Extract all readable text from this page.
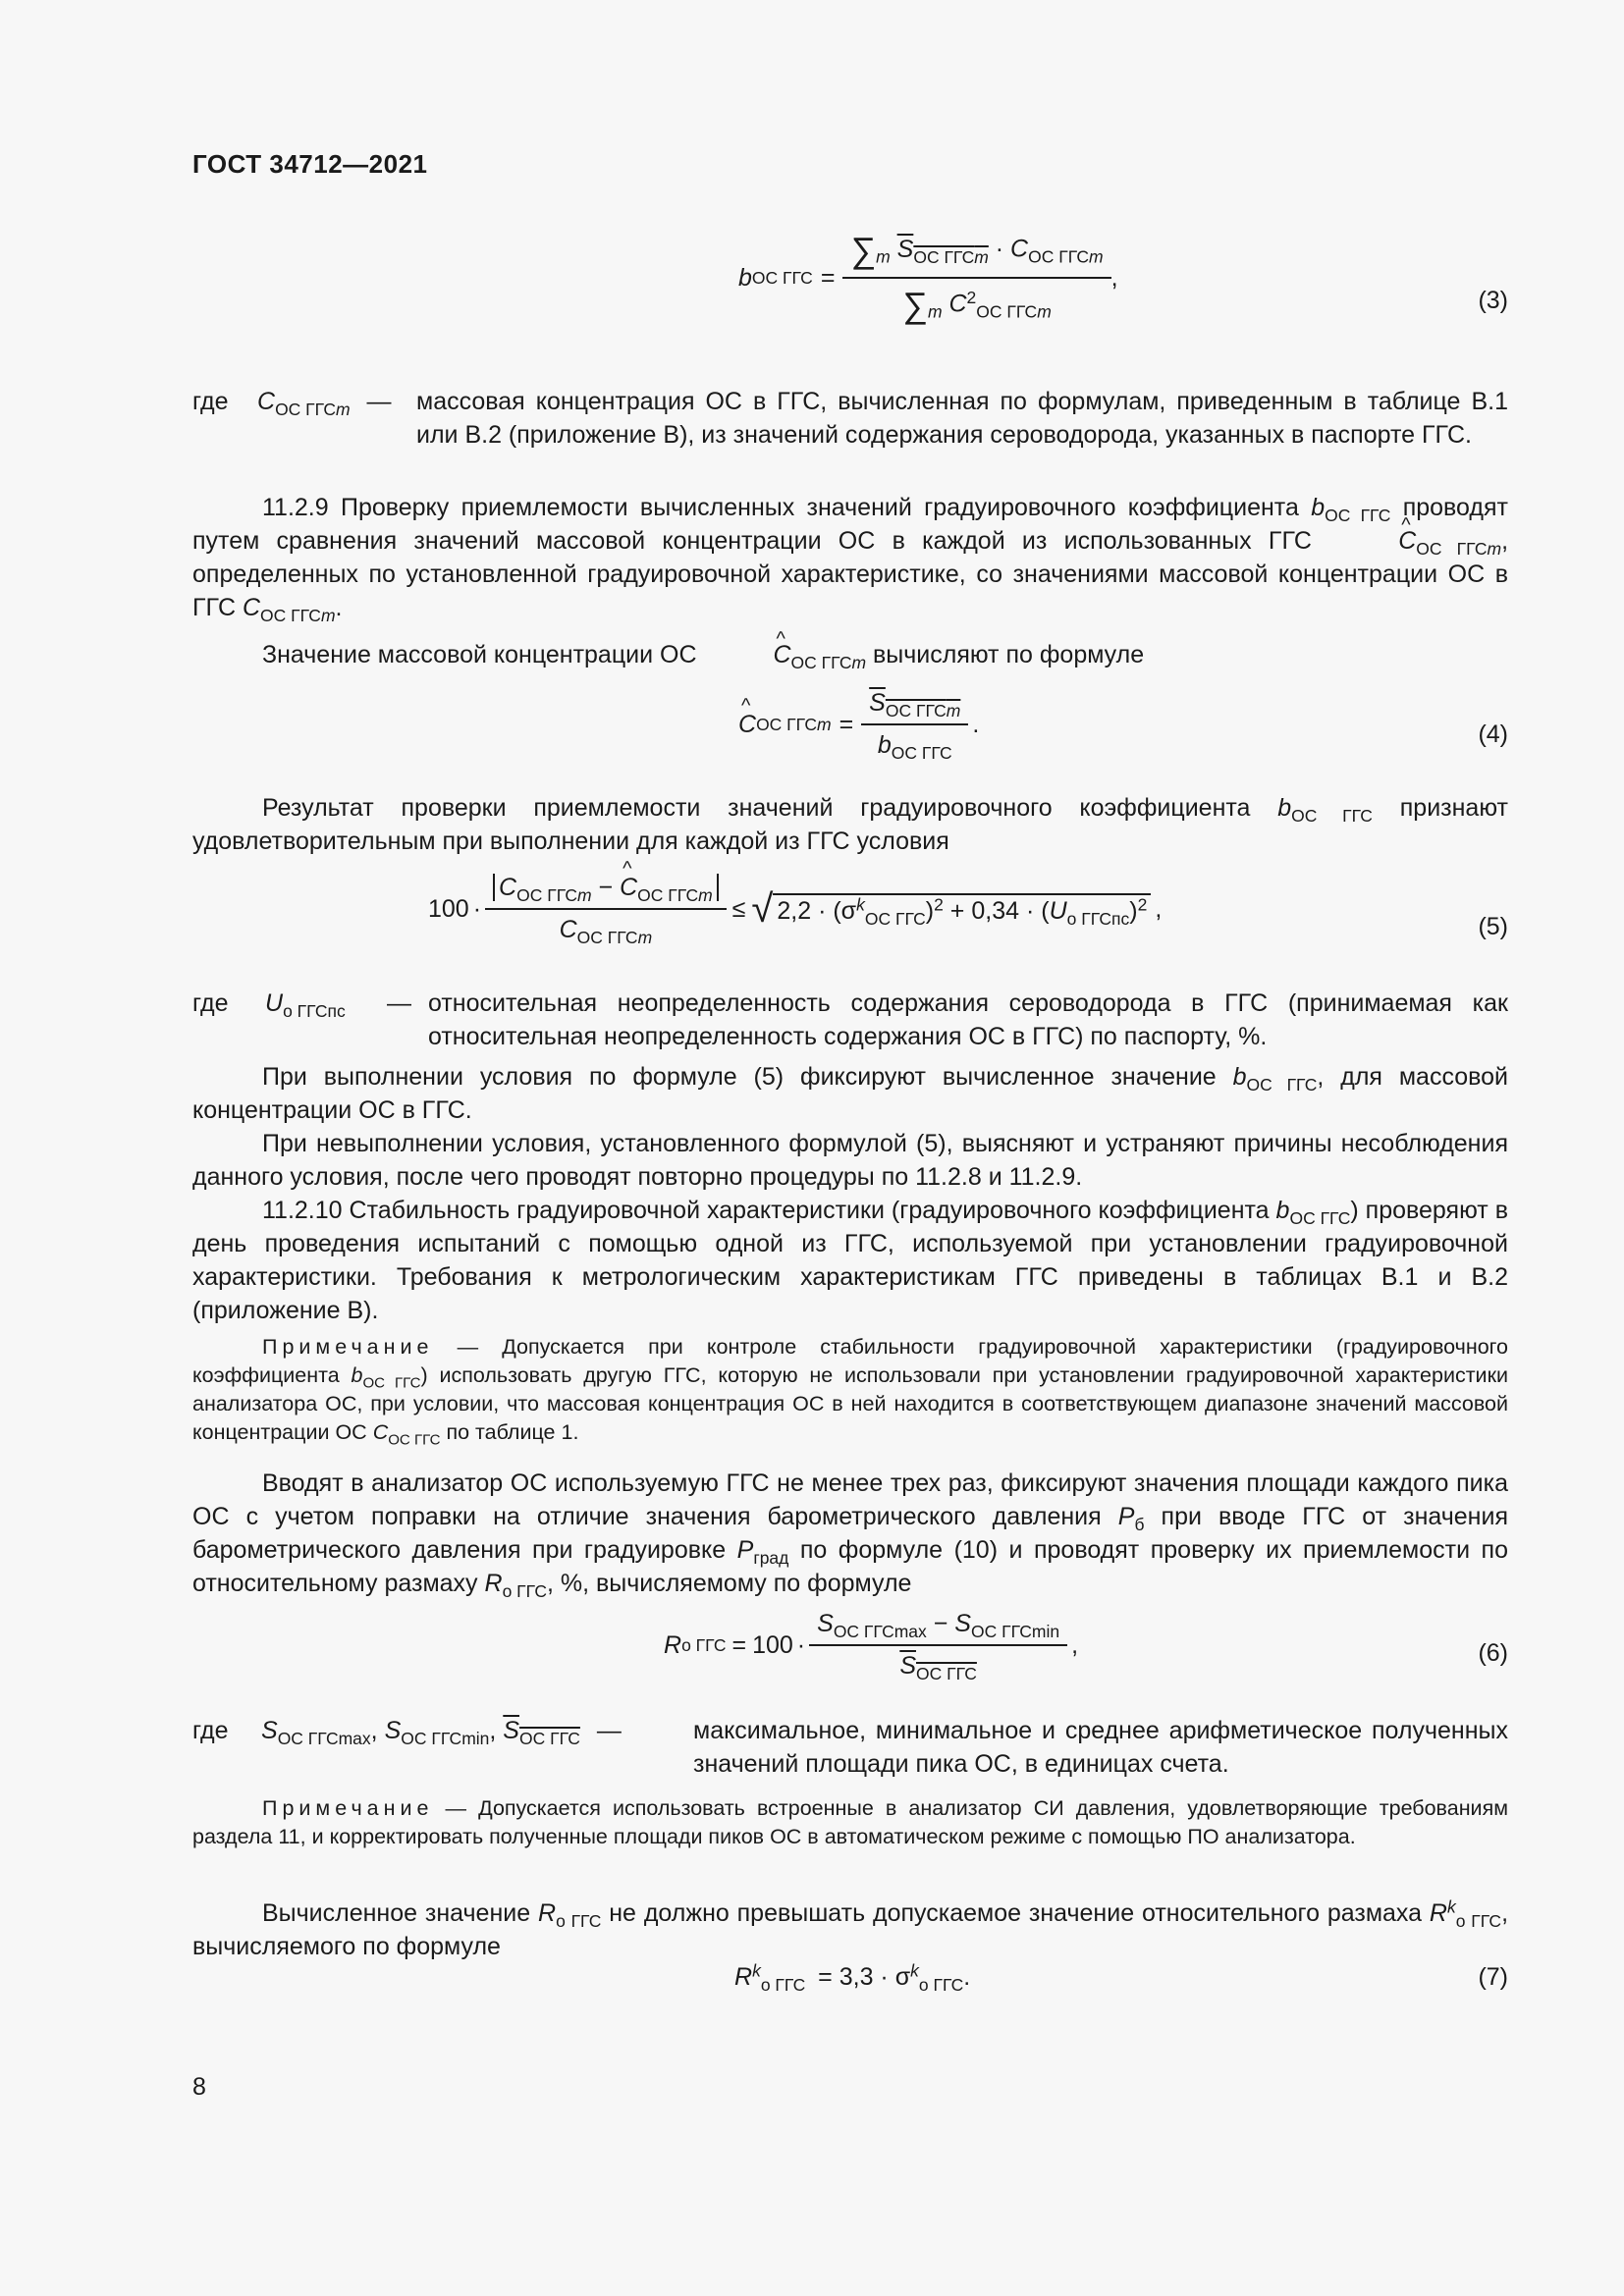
ГОСТ 34712—2021
b ОС ГГС = $\frac{\sum_m S_{ОС ГГСm} \cdot C_{ОС ГГСm}}{\sum_m C^2_{ОС ГГСm}}$ ,
(3)
где $C_{ОС ГГСm}$ — массовая концентрация ОС в ГГС, вычисленная по формулам, приведенным в таблице В.1 или В.2 (приложение В), из значений содержания сероводорода, указанных в паспорте ГГС.
11.2.9 Проверку приемлемости вычисленных значений градуировочного коэффициента $b_{ОС ГГС}$ проводят путем сравнения значений массовой концентрации ОС в каждой из использованных ГГС	^ $C_{ОС ГГСm}$, определенных по установленной градуировочной характеристике, со значениями массовой концентрации ОС в ГГС $C_{ОС ГГСm}$.
Значение массовой концентрации ОС	^ $C_{ОС ГГСm}$ вычисляют по формуле
^ C ОС ГГС $m = \frac{S_{ОС ГГСm}}{b_{ОС ГГС}}$ .	(4)
Результат проверки приемлемости значений градуировочного коэффициента $b_{ОС ГГС}$ признают удовлетворительным при выполнении для каждой из ГГС условия
$100 \cdot \frac{C_{ОС ГГСm} - \^{} C_{ОС ГГСm}}{C_{ОС ГГСm}}$ ≤ √ $2,2 \cdot (\sigma^k_{ОС ГГС})^2 + 0,34 \cdot (U_{о ГГСпс})^2$ ,
(5)
где $U_{о ГГСпс}$ — относительная неопределенность содержания сероводорода в ГГС (принимаемая как относительная неопределенность содержания ОС в ГГС) по паспорту, %.
При выполнении условия по формуле (5) фиксируют вычисленное значение $b_{ОС ГГС}$, для массовой концентрации ОС в ГГС.
При невыполнении условия, установленного формулой (5), выясняют и устраняют причины несоблюдения данного условия, после чего проводят повторно процедуры по 11.2.8 и 11.2.9.
11.2.10 Стабильность градуировочной характеристики (градуировочного коэффициента $b_{ОС ГГС}$) проверяют в день проведения испытаний с помощью одной из ГГС, используемой при установлении градуировочной характеристики. Требования к метрологическим характеристикам ГГС приведены в таблицах В.1 и В.2 (приложение В).
Примечание — Допускается при контроле стабильности градуировочной характеристики (градуировочного коэффициента $b_{ОС ГГС}$) использовать другую ГГС, которую не использовали при установлении градуировочной характеристики анализатора ОС, при условии, что массовая концентрация ОС в ней находится в соответствующем диапазоне значений массовой концентрации ОС $C_{ОС ГГС}$ по таблице 1.
Вводят в анализатор ОС используемую ГГС не менее трех раз, фиксируют значения площади каждого пика ОС с учетом поправки на отличие значения барометрического давления $P_б$ при вводе ГГС от значения барометрического давления при градуировке $P_{град}$ по формуле (10) и проводят проверку их приемлемости по относительному размаху $R_{о ГГС}$, %, вычисляемому по формуле
R о ГГС = $100 \cdot \frac{S_{ОС ГГСmax} - S_{ОС ГГСmin}}{S_{ОС ГГС}}$ ,	(6)
где $S_{ОС ГГСmax}$, $S_{ОС ГГСmin}$, $S_{ОС ГГС}$ —	максимальное, минимальное и среднее арифметическое полученных значений площади пика ОС, в единицах счета.
Примечание — Допускается использовать встроенные в анализатор СИ давления, удовлетворяющие требованиям раздела 11, и корректировать полученные площади пиков ОС в автоматическом режиме с помощью ПО анализатора.
Вычисленное значение $R_{о ГГС}$ не должно превышать допускаемое значение относительного размаха $R^k_{о ГГС}$, вычисляемого по формуле
$R^k_{о ГГС} = 3,3 \cdot \sigma^k_{о ГГС}$.	(7)
8
